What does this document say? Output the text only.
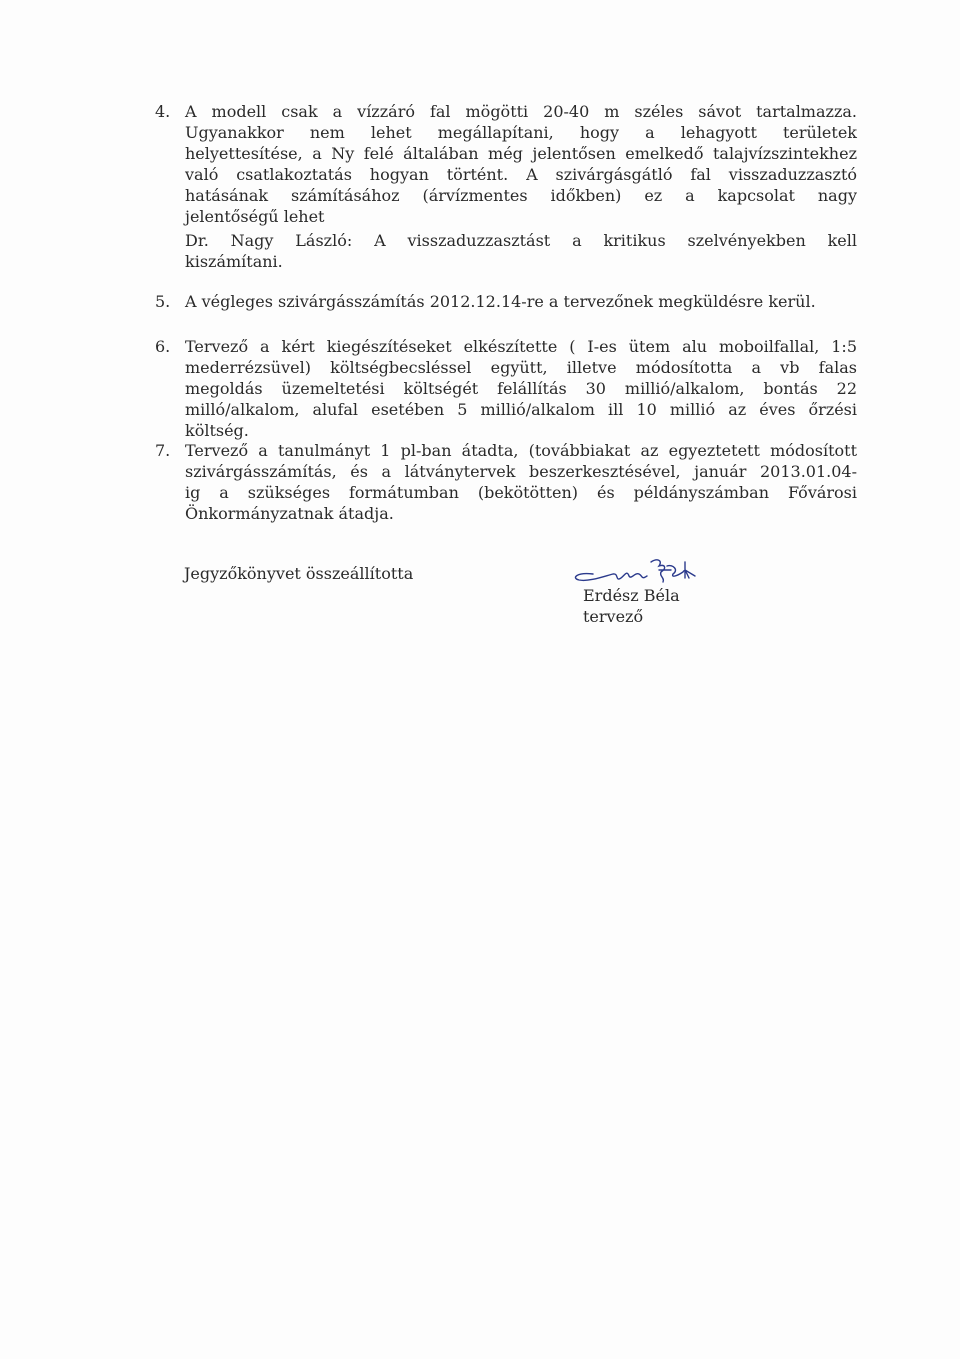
4. A modell csak a vízzáró fal mögötti 20-40 m széles sávot tartalmazza.
Ugyanakkor nem lehet megállapítani, hogy a lehagyott területek
helyettesítése, a Ny felé általában még jelentősen emelkedő talajvízszintekhez
való csatlakoztatás hogyan történt. A szivárgásgátló fal visszaduzzasztó
hatásának számításához (árvízmentes időkben) ez a kapcsolat nagy
jelentőségű lehet
Dr. Nagy László: A visszaduzzasztást a kritikus szelvényekben kell
kiszámítani.
5. A végleges szivárgásszámítás 2012.12.14-re a tervezőnek megküldésre kerül.
6. Tervező a kért kiegészítéseket elkészítette ( I-es ütem alu moboilfallal, 1:5
mederrézsüvel) költségbecsléssel együtt, illetve módosította a vb falas
megoldás üzemeltetési költségét felállítás 30 millió/alkalom, bontás 22
milló/alkalom, alufal esetében 5 millió/alkalom ill 10 millió az éves őrzési
költség.
7. Tervező a tanulmányt 1 pl-ban átadta, (továbbiakat az egyeztetett módosított
szivárgásszámítás, és a látványtervek beszerkesztésével, január 2013.01.04-
ig a szükséges formátumban (bekötötten) és példányszámban Fővárosi
Önkormányzatnak átadja.
Jegyzőkönyvet összeállította
Erdész Béla
tervező
